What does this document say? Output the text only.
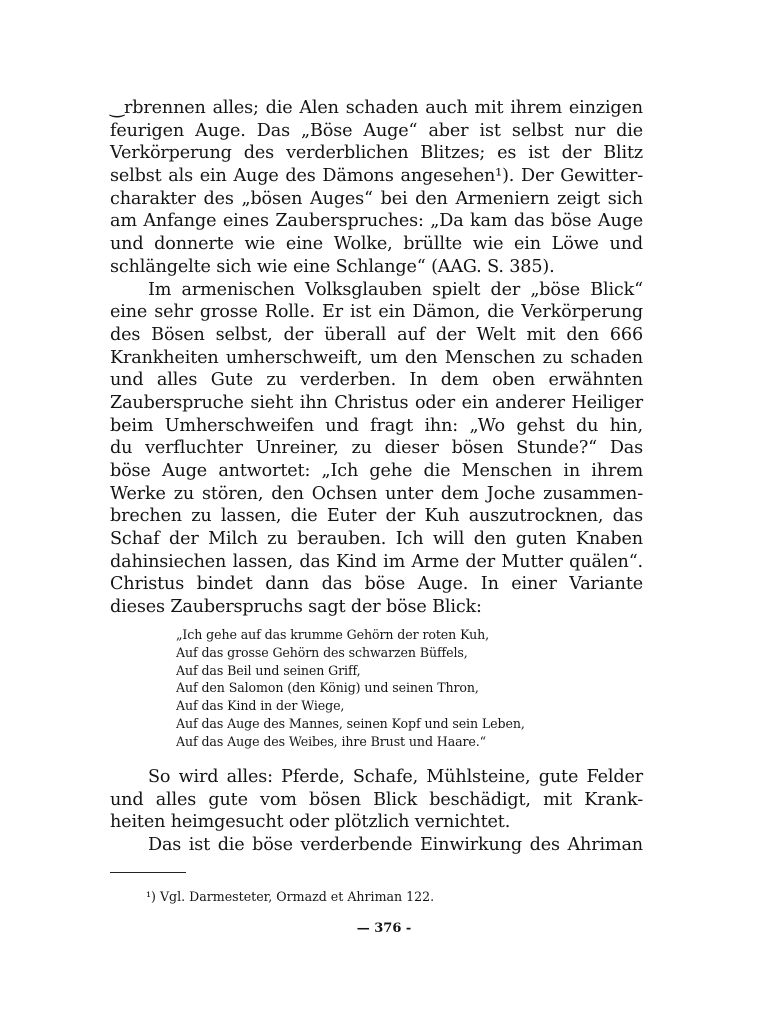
‿rbrennen alles; die Alen schaden auch mit ihrem einzigen
feurigen Auge. Das „Böse Auge“ aber ist selbst nur die
Verkörperung des verderblichen Blitzes; es ist der Blitz
selbst als ein Auge des Dämons angesehen¹). Der Gewitter-
charakter des „bösen Auges“ bei den Armeniern zeigt sich
am Anfange eines Zauberspruches: „Da kam das böse Auge
und donnerte wie eine Wolke, brüllte wie ein Löwe und
schlängelte sich wie eine Schlange“ (AAG. S. 385).
Im armenischen Volksglauben spielt der „böse Blick“
eine sehr grosse Rolle. Er ist ein Dämon, die Verkörperung
des Bösen selbst, der überall auf der Welt mit den 666
Krankheiten umherschweift, um den Menschen zu schaden
und alles Gute zu verderben. In dem oben erwähnten
Zauberspruche sieht ihn Christus oder ein anderer Heiliger
beim Umherschweifen und fragt ihn: „Wo gehst du hin,
du verfluchter Unreiner, zu dieser bösen Stunde?“ Das
böse Auge antwortet: „Ich gehe die Menschen in ihrem
Werke zu stören, den Ochsen unter dem Joche zusammen-
brechen zu lassen, die Euter der Kuh auszutrocknen, das
Schaf der Milch zu berauben. Ich will den guten Knaben
dahinsiechen lassen, das Kind im Arme der Mutter quälen“.
Christus bindet dann das böse Auge. In einer Variante
dieses Zauberspruchs sagt der böse Blick:
„Ich gehe auf das krumme Gehörn der roten Kuh,
Auf das grosse Gehörn des schwarzen Büffels,
Auf das Beil und seinen Griff,
Auf den Salomon (den König) und seinen Thron,
Auf das Kind in der Wiege,
Auf das Auge des Mannes, seinen Kopf und sein Leben,
Auf das Auge des Weibes, ihre Brust und Haare.“
So wird alles: Pferde, Schafe, Mühlsteine, gute Felder
und alles gute vom bösen Blick beschädigt, mit Krank-
heiten heimgesucht oder plötzlich vernichtet.
Das ist die böse verderbende Einwirkung des Ahriman
¹) Vgl. Darmesteter, Ormazd et Ahriman 122.
— 376 -
